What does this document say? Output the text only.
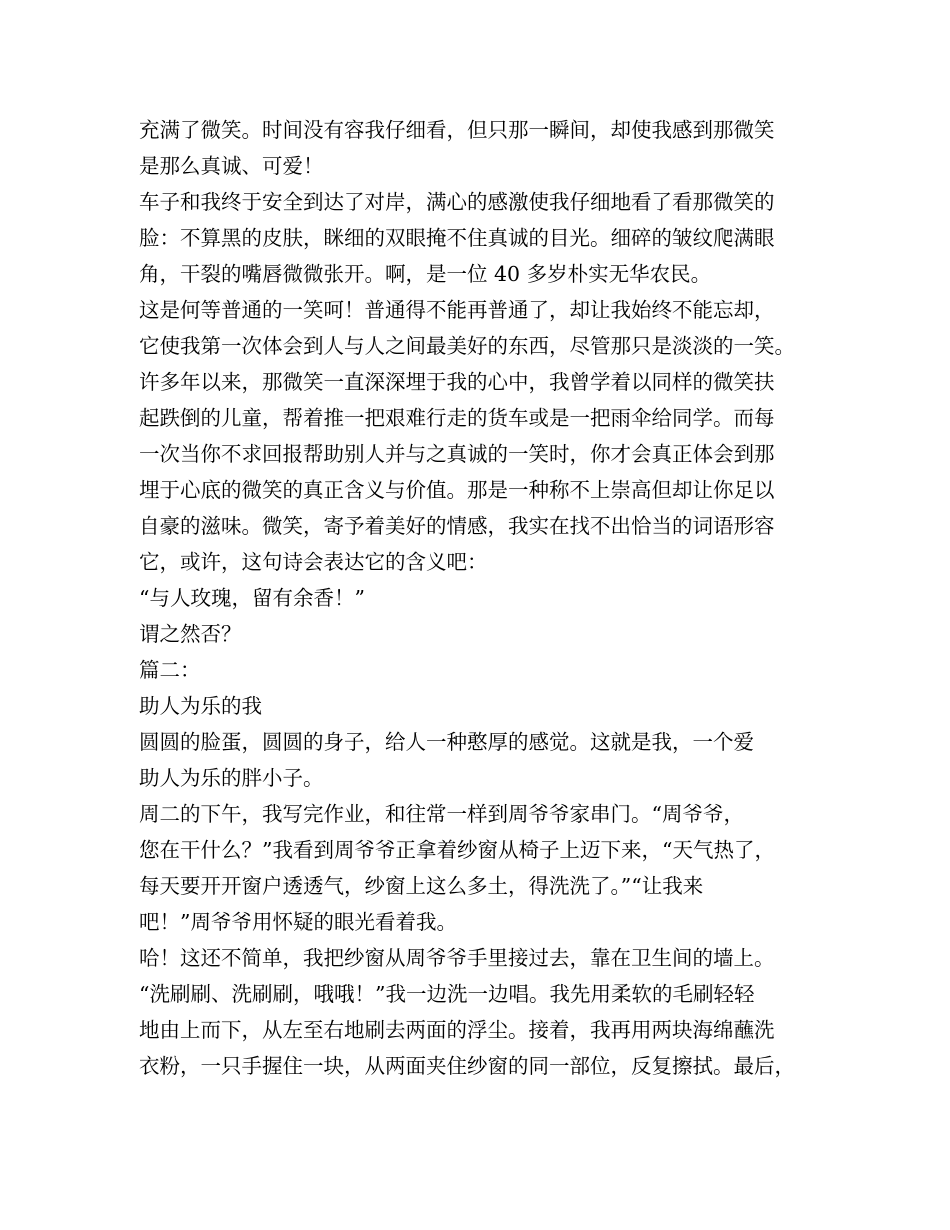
充满了微笑。时间没有容我仔细看，但只那一瞬间，却使我感到那微笑
是那么真诚、可爱！
车子和我终于安全到达了对岸，满心的感激使我仔细地看了看那微笑的
脸：不算黑的皮肤，眯细的双眼掩不住真诚的目光。细碎的皱纹爬满眼
角，干裂的嘴唇微微张开。啊，是一位 40 多岁朴实无华农民。
这是何等普通的一笑呵！普通得不能再普通了，却让我始终不能忘却，
它使我第一次体会到人与人之间最美好的东西，尽管那只是淡淡的一笑。
许多年以来，那微笑一直深深埋于我的心中，我曾学着以同样的微笑扶
起跌倒的儿童，帮着推一把艰难行走的货车或是一把雨伞给同学。而每
一次当你不求回报帮助别人并与之真诚的一笑时，你才会真正体会到那
埋于心底的微笑的真正含义与价值。那是一种称不上崇高但却让你足以
自豪的滋味。微笑，寄予着美好的情感，我实在找不出恰当的词语形容
它，或许，这句诗会表达它的含义吧：
“与人玫瑰，留有余香！”
谓之然否？
篇二：
助人为乐的我
圆圆的脸蛋，圆圆的身子，给人一种憨厚的感觉。这就是我，一个爱
助人为乐的胖小子。
周二的下午，我写完作业，和往常一样到周爷爷家串门。“周爷爷，
您在干什么？”我看到周爷爷正拿着纱窗从椅子上迈下来，“天气热了，
每天要开开窗户透透气，纱窗上这么多土，得洗洗了。”“让我来
吧！”周爷爷用怀疑的眼光看着我。
哈！这还不简单，我把纱窗从周爷爷手里接过去，靠在卫生间的墙上。
“洗刷刷、洗刷刷，哦哦！”我一边洗一边唱。我先用柔软的毛刷轻轻
地由上而下，从左至右地刷去两面的浮尘。接着，我再用两块海绵蘸洗
衣粉，一只手握住一块，从两面夹住纱窗的同一部位，反复擦拭。最后，
